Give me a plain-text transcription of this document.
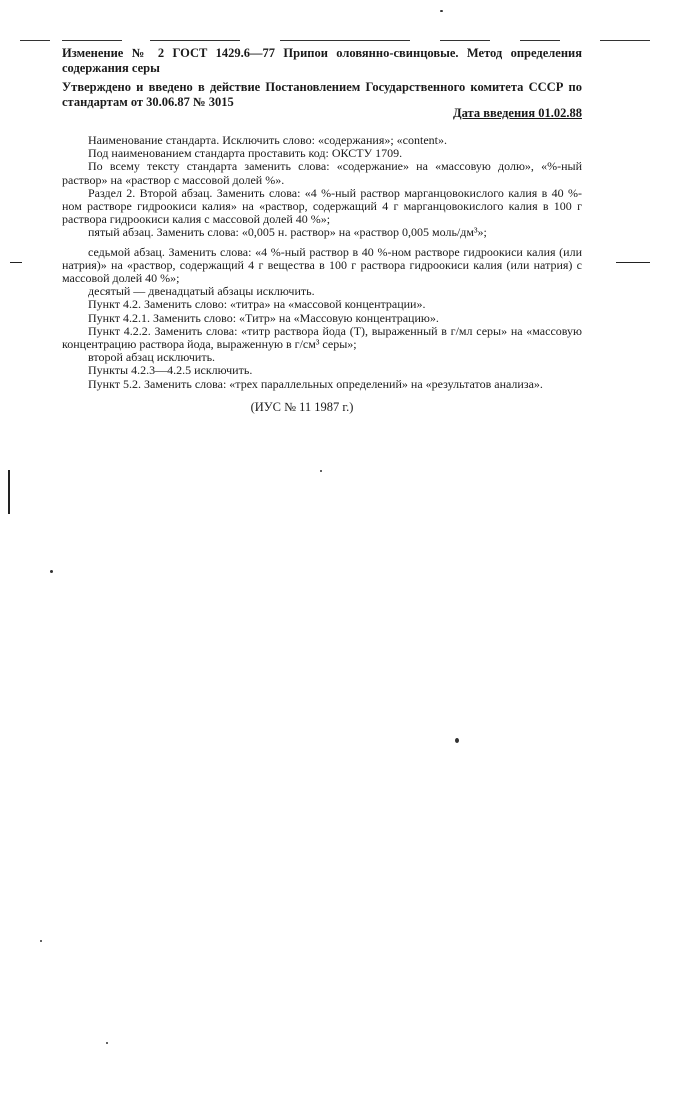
Изменение № 2 ГОСТ 1429.6—77 Припои оловянно-свинцовые. Метод определения содержания серы
Утверждено и введено в действие Постановлением Государственного комитета СССР по стандартам от 30.06.87 № 3015
Дата введения 01.02.88

Наименование стандарта. Исключить слово: «содержания»; «content».

Под наименованием стандарта проставить код: ОКСТУ 1709.

По всему тексту стандарта заменить слова: «содержание» на «массовую долю», «%-ный раствор» на «раствор с массовой долей %».

Раздел 2. Второй абзац. Заменить слова: «4 %-ный раствор марганцовокислого калия в 40 %-ном растворе гидроокиси калия» на «раствор, содержащий 4 г марганцовокислого калия в 100 г раствора гидроокиси калия с массовой долей 40 %»;

пятый абзац. Заменить слова: «0,005 н. раствор» на «раствор 0,005 моль/дм³»;

седьмой абзац. Заменить слова: «4 %-ный раствор в 40 %-ном растворе гидроокиси калия (или натрия)» на «раствор, содержащий 4 г вещества в 100 г раствора гидроокиси калия (или натрия) с массовой долей 40 %»;

десятый — двенадцатый абзацы исключить.

Пункт 4.2. Заменить слово: «титра» на «массовой концентрации».

Пункт 4.2.1. Заменить слово: «Титр» на «Массовую концентрацию».

Пункт 4.2.2. Заменить слова: «титр раствора йода (T), выраженный в г/мл серы» на «массовую концентрацию раствора йода, выраженную в г/см³ серы»;

второй абзац исключить.

Пункты 4.2.3—4.2.5 исключить.

Пункт 5.2. Заменить слова: «трех параллельных определений» на «результатов анализа».

(ИУС № 11 1987 г.)
